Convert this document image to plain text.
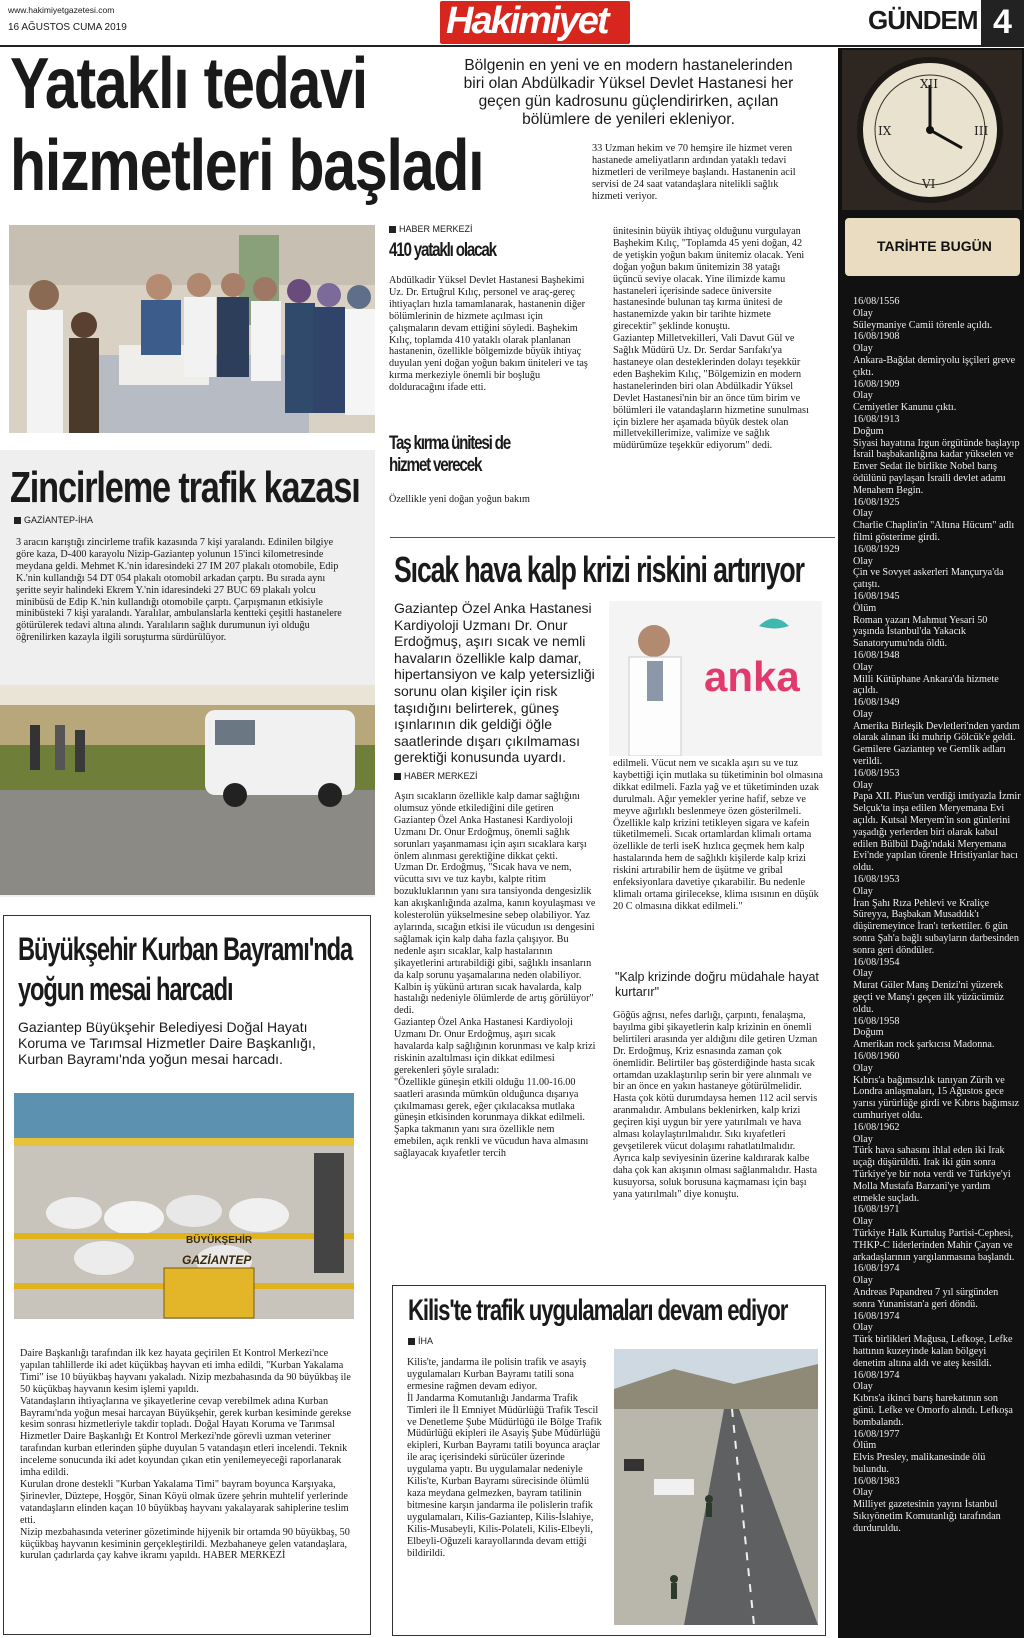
www.hakimiyetgazetesi.com
16 AĞUSTOS CUMA 2019	Hakimiyet	GÜNDEM 4
Yataklı tedavi
hizmetleri başladı
Bölgenin en yeni ve en modern hastanelerinden biri olan Abdülkadir Yüksel Devlet Hastanesi her geçen gün kadrosunu güçlendirirken, açılan bölümlere de yenileri ekleniyor.
33 Uzman hekim ve 70 hemşire ile hizmet veren hastanede ameliyatların ardından yataklı tedavi hizmetleri de verilmeye başlandı. Hastanenin acil servisi de 24 saat vatandaşlara nitelikli sağlık hizmeti veriyor.
HABER MERKEZİ
410 yataklı olacak
Abdülkadir Yüksel Devlet Hastanesi Başhekimi Uz. Dr. Ertuğrul Kılıç, personel ve araç-gereç ihtiyaçları hızla tamamlanarak, hastanenin diğer bölümlerinin de hizmete açılması için çalışmaların devam ettiğini söyledi. Başhekim Kılıç, toplamda 410 yataklı olarak planlanan hastanenin, özellikle bölgemizde büyük ihtiyaç duyulan yeni doğan yoğun bakım üniteleri ve taş kırma merkeziyle önemli bir boşluğu dolduracağını ifade etti.
Taş kırma ünitesi de
hizmet verecek
Özellikle yeni doğan yoğun bakım

ünitesinin büyük ihtiyaç olduğunu vurgulayan Başhekim Kılıç, "Toplamda 45 yeni doğan, 42 de yetişkin yoğun bakım ünitemiz olacak. Yeni doğan yoğun bakım ünitemizin 38 yatağı üçüncü seviye olacak. Yine ilimizde kamu hastaneleri içerisinde sadece üniversite hastanesinde bulunan taş kırma ünitesi de hastanemizde yakın bir tarihte hizmete girecektir" şeklinde konuştu.

Gaziantep Milletvekilleri, Vali Davut Gül ve Sağlık Müdürü Uz. Dr. Serdar Sarıfakı'ya hastaneye olan desteklerinden dolayı teşekkür eden Başhekim Kılıç, "Bölgemizin en modern hastanelerinden biri olan Abdülkadir Yüksel Devlet Hastanesi'nin bir an önce tüm birim ve bölümleri ile vatandaşların hizmetine sunulması için bizlere her aşamada büyük destek olan milletvekillerimize, valimize ve sağlık müdürümüze teşekkür ediyorum" dedi.

Zincirleme trafik kazası
GAZİANTEP-İHA
3 aracın karıştığı zincirleme trafik kazasında 7 kişi yaralandı. Edinilen bilgiye göre kaza, D-400 karayolu Nizip-Gaziantep yolunun 15'inci kilometresinde meydana geldi. Mehmet K.'nin idaresindeki 27 IM 207 plakalı otomobile, Edip K.'nin kullandığı 54 DT 054 plakalı otomobil arkadan çarptı. Bu sırada aynı şeritte seyir halindeki Ekrem Y.'nin idaresindeki 27 BUC 69 plakalı yolcu minibüsü de Edip K.'nin kullandığı otomobile çarptı. Çarpışmanın etkisiyle minibüsteki 7 kişi yaralandı. Yaralılar, ambulanslarla kentteki çeşitli hastanelere götürülerek tedavi altına alındı. Yaralıların sağlık durumunun iyi olduğu öğrenilirken kazayla ilgili soruşturma sürdürülüyor.
Sıcak hava kalp krizi riskini artırıyor
Gaziantep Özel Anka Hastanesi Kardiyoloji Uzmanı Dr. Onur Erdoğmuş, aşırı sıcak ve nemli havaların özellikle kalp damar, hipertansiyon ve kalp yetersizliği sorunu olan kişiler için risk taşıdığını belirterek, güneş ışınlarının dik geldiği öğle saatlerinde dışarı çıkılmaması gerektiği konusunda uyardı.
anka
HABER MERKEZİ

Aşırı sıcakların özellikle kalp damar sağlığını olumsuz yönde etkilediğini dile getiren Gaziantep Özel Anka Hastanesi Kardiyoloji Uzmanı Dr. Onur Erdoğmuş, önemli sağlık sorunları yaşanmaması için aşırı sıcaklara karşı önlem alınması gerektiğine dikkat çekti.

Uzman Dr. Erdoğmuş, "Sıcak hava ve nem, vücutta sıvı ve tuz kaybı, kalpte ritim bozukluklarının yanı sıra tansiyonda dengesizlik kan akışkanlığında azalma, kanın koyulaşması ve kolesterolün yükselmesine sebep olabiliyor. Yaz aylarında, sıcağın etkisi ile vücudun ısı dengesini sağlamak için kalp daha fazla çalışıyor. Bu nedenle aşırı sıcaklar, kalp hastalarının şikayetlerini artırabildiği gibi, sağlıklı insanların da kalp sorunu yaşamalarına neden olabiliyor. Kalbin iş yükünü artıran sıcak havalarda, kalp hastalığı nedeniyle ölümlerde de artış görülüyor" dedi.

Gaziantep Özel Anka Hastanesi Kardiyoloji Uzmanı Dr. Onur Erdoğmuş, aşırı sıcak havalarda kalp sağlığının korunması ve kalp krizi riskinin azaltılması için dikkat edilmesi gerekenleri şöyle sıraladı:

"Özellikle güneşin etkili olduğu 11.00-16.00 saatleri arasında mümkün olduğunca dışarıya çıkılmaması gerek, eğer çıkılacaksa mutlaka güneşin etkisinden korunmaya dikkat edilmeli. Şapka takmanın yanı sıra özellikle nem emebilen, açık renkli ve vücudun hava almasını sağlayacak kıyafetler tercih

edilmeli. Vücut nem ve sıcakla aşırı su ve tuz kaybettiği için mutlaka su tüketiminin bol olmasına dikkat edilmeli. Fazla yağ ve et tüketiminden uzak durulmalı. Ağır yemekler yerine hafif, sebze ve meyve ağırlıklı beslenmeye özen gösterilmeli. Özellikle kalp krizini tetikleyen sigara ve kafein tüketilmemeli. Sıcak ortamlardan klimalı ortama özellikle de terli iseK hızlıca geçmek hem kalp hastalarında hem de sağlıklı kişilerde kalp krizi riskini artırabilir hem de üşütme ve gribal enfeksiyonlara davetiye çıkarabilir. Bu nedenle klimalı ortama girilecekse, klima ısısının en düşük 20 C olmasına dikkat edilmeli."
"Kalp krizinde doğru müdahale hayat kurtarır"
Göğüs ağrısı, nefes darlığı, çarpıntı, fenalaşma, bayılma gibi şikayetlerin kalp krizinin en önemli belirtileri arasında yer aldığını dile getiren Uzman Dr. Erdoğmuş, Kriz esnasında zaman çok önemlidir. Belirtiler baş gösterdiğinde hasta sıcak ortamdan uzaklaştırılıp serin bir yere alınmalı ve bir an önce en yakın hastaneye götürülmelidir. Hasta çok kötü durumdaysa hemen 112 acil servis aranmalıdır. Ambulans beklenirken, kalp krizi geçiren kişi uygun bir yere yatırılmalı ve hava alması kolaylaştırılmalıdır. Sıkı kıyafetleri gevşetilerek vücut dolaşımı rahatlatılmalıdır. Ayrıca kalp seviyesinin üzerine kaldırarak kalbe daha çok kan akışının olması sağlanmalıdır. Hasta kusuyorsa, soluk borusuna kaçmaması için başı yana yatırılmalı" diye konuştu.
Büyükşehir Kurban Bayramı'nda
yoğun mesai harcadı
Gaziantep Büyükşehir Belediyesi Doğal Hayatı Koruma ve Tarımsal Hizmetler Daire Başkanlığı, Kurban Bayramı'nda yoğun mesai harcadı.
BÜYÜKŞEHİR
GAZİANTEP

Daire Başkanlığı tarafından ilk kez hayata geçirilen Et Kontrol Merkezi'nce yapılan tahlillerde iki adet küçükbaş hayvan eti imha edildi, "Kurban Yakalama Timi" ise 10 büyükbaş hayvanı yakaladı. Nizip mezbahasında da 90 büyükbaş ile 50 küçükbaş hayvanın kesim işlemi yapıldı.

Vatandaşların ihtiyaçlarına ve şikayetlerine cevap verebilmek adına Kurban Bayramı'nda yoğun mesai harcayan Büyükşehir, gerek kurban kesiminde gerekse kesim sonrası hizmetleriyle takdir topladı. Doğal Hayatı Koruma ve Tarımsal Hizmetler Daire Başkanlığı Et Kontrol Merkezi'nde görevli uzman veteriner tarafından kurban etlerinden şüphe duyulan 5 vatandaşın etleri incelendi. Teknik inceleme sonucunda iki adet koyundan çıkan etin yenilemeyeceği raporlanarak imha edildi.

Kurulan drone destekli "Kurban Yakalama Timi" bayram boyunca Karşıyaka, Şirinevler, Düztepe, Hoşgör, Sinan Köyü olmak üzere şehrin muhtelif yerlerinde vatandaşların elinden kaçan 10 büyükbaş hayvanı yakalayarak sahiplerine teslim etti.

Nizip mezbahasında veteriner gözetiminde hijyenik bir ortamda 90 büyükbaş, 50 küçükbaş hayvanın kesiminin gerçekleştirildi. Mezbahaneye gelen vatandaşlara, kurulan çadırlarda çay kahve ikramı yapıldı. HABER MERKEZİ

Kilis'te trafik uygulamaları devam ediyor
İHA

Kilis'te, jandarma ile polisin trafik ve asayiş uygulamaları Kurban Bayramı tatili sona ermesine rağmen devam ediyor.

İl Jandarma Komutanlığı Jandarma Trafik Timleri ile İl Emniyet Müdürlüğü Trafik Tescil ve Denetleme Şube Müdürlüğü ile Bölge Trafik Müdürlüğü ekipleri ile Asayiş Şube Müdürlüğü ekipleri, Kurban Bayramı tatili boyunca araçlar ile araç içerisindeki sürücüler üzerinde uygulama yaptı. Bu uygulamalar nedeniyle Kilis'te, Kurban Bayramı sürecisinde ölümlü kaza meydana gelmezken, bayram tatilinin bitmesine karşın jandarma ile polislerin trafik uygulamaları, Kilis-Gaziantep, Kilis-İslahiye, Kilis-Musabeyli, Kilis-Polateli, Kilis-Elbeyli, Elbeyli-Oğuzeli karayollarında devam ettiği bildirildi.

XII
III
VI
IX
TARİHTE BUGÜN
16/08/1556
Olay
Süleymaniye Camii törenle açıldı.
16/08/1908
Olay
Ankara-Bağdat demiryolu işçileri greve çıktı.
16/08/1909
Olay
Cemiyetler Kanunu çıktı.
16/08/1913
Doğum
Siyasi hayatına Irgun örgütünde başlayıp İsrail başbakanlığına kadar yükselen ve Enver Sedat ile birlikte Nobel barış ödülünü paylaşan İsraili devlet adamı Menahem Begin.
16/08/1925
Olay
Charlie Chaplin'in "Altına Hücum" adlı filmi gösterime girdi.
16/08/1929
Olay
Çin ve Sovyet askerleri Mançurya'da çatıştı.
16/08/1945
Ölüm
Roman yazarı Mahmut Yesari 50 yaşında İstanbul'da Yakacık Sanatoryumu'nda öldü.
16/08/1948
Olay
Milli Kütüphane Ankara'da hizmete açıldı.
16/08/1949
Olay
Amerika Birleşik Devletleri'nden yardım olarak alınan iki muhrip Gölcük'e geldi. Gemilere Gaziantep ve Gemlik adları verildi.
16/08/1953
Olay
Papa XII. Pius'un verdiği imtiyazla İzmir Selçuk'ta inşa edilen Meryemana Evi açıldı. Kutsal Meryem'in son günlerini yaşadığı yerlerden biri olarak kabul edilen Bülbül Dağı'ndaki Meryemana Evi'nde yapılan törenle Hristiyanlar hacı oldu.
16/08/1953
Olay
İran Şahı Rıza Pehlevi ve Kraliçe Süreyya, Başbakan Musaddık'ı düşüremeyince İran'ı terkettiler. 6 gün sonra Şah'a bağlı subayların darbesinden sonra geri döndüler.
16/08/1954
Olay
Murat Güler Manş Denizi'ni yüzerek geçti ve Manş'ı geçen ilk yüzücümüz oldu.
16/08/1958
Doğum
Amerikan rock şarkıcısı Madonna.
16/08/1960
Olay
Kıbrıs'a bağımsızlık tanıyan Zürih ve Londra anlaşmaları, 15 Ağustos gece yarısı yürürlüğe girdi ve Kıbrıs bağımsız cumhuriyet oldu.
16/08/1962
Olay
Türk hava sahasını ihlal eden iki Irak uçağı düşürüldü. Irak iki gün sonra Türkiye'ye bir nota verdi ve Türkiye'yi Molla Mustafa Barzani'ye yardım etmekle suçladı.
16/08/1971
Olay
Türkiye Halk Kurtuluş Partisi-Cephesi, THKP-C liderlerinden Mahir Çayan ve arkadaşlarının yargılanmasına başlandı.
16/08/1974
Olay
Andreas Papandreu 7 yıl sürgünden sonra Yunanistan'a geri döndü.
16/08/1974
Olay
Türk birlikleri Mağusa, Lefkoşe, Lefke hattının kuzeyinde kalan bölgeyi denetim altına aldı ve ateş kesildi.
16/08/1974
Olay
Kıbrıs'a ikinci barış harekatının son günü. Lefke ve Omorfo alındı. Lefkoşa bombalandı.
16/08/1977
Ölüm
Elvis Presley, malikanesinde ölü bulundu.
16/08/1983
Olay
Milliyet gazetesinin yayını İstanbul Sıkıyönetim Komutanlığı tarafından durduruldu.
